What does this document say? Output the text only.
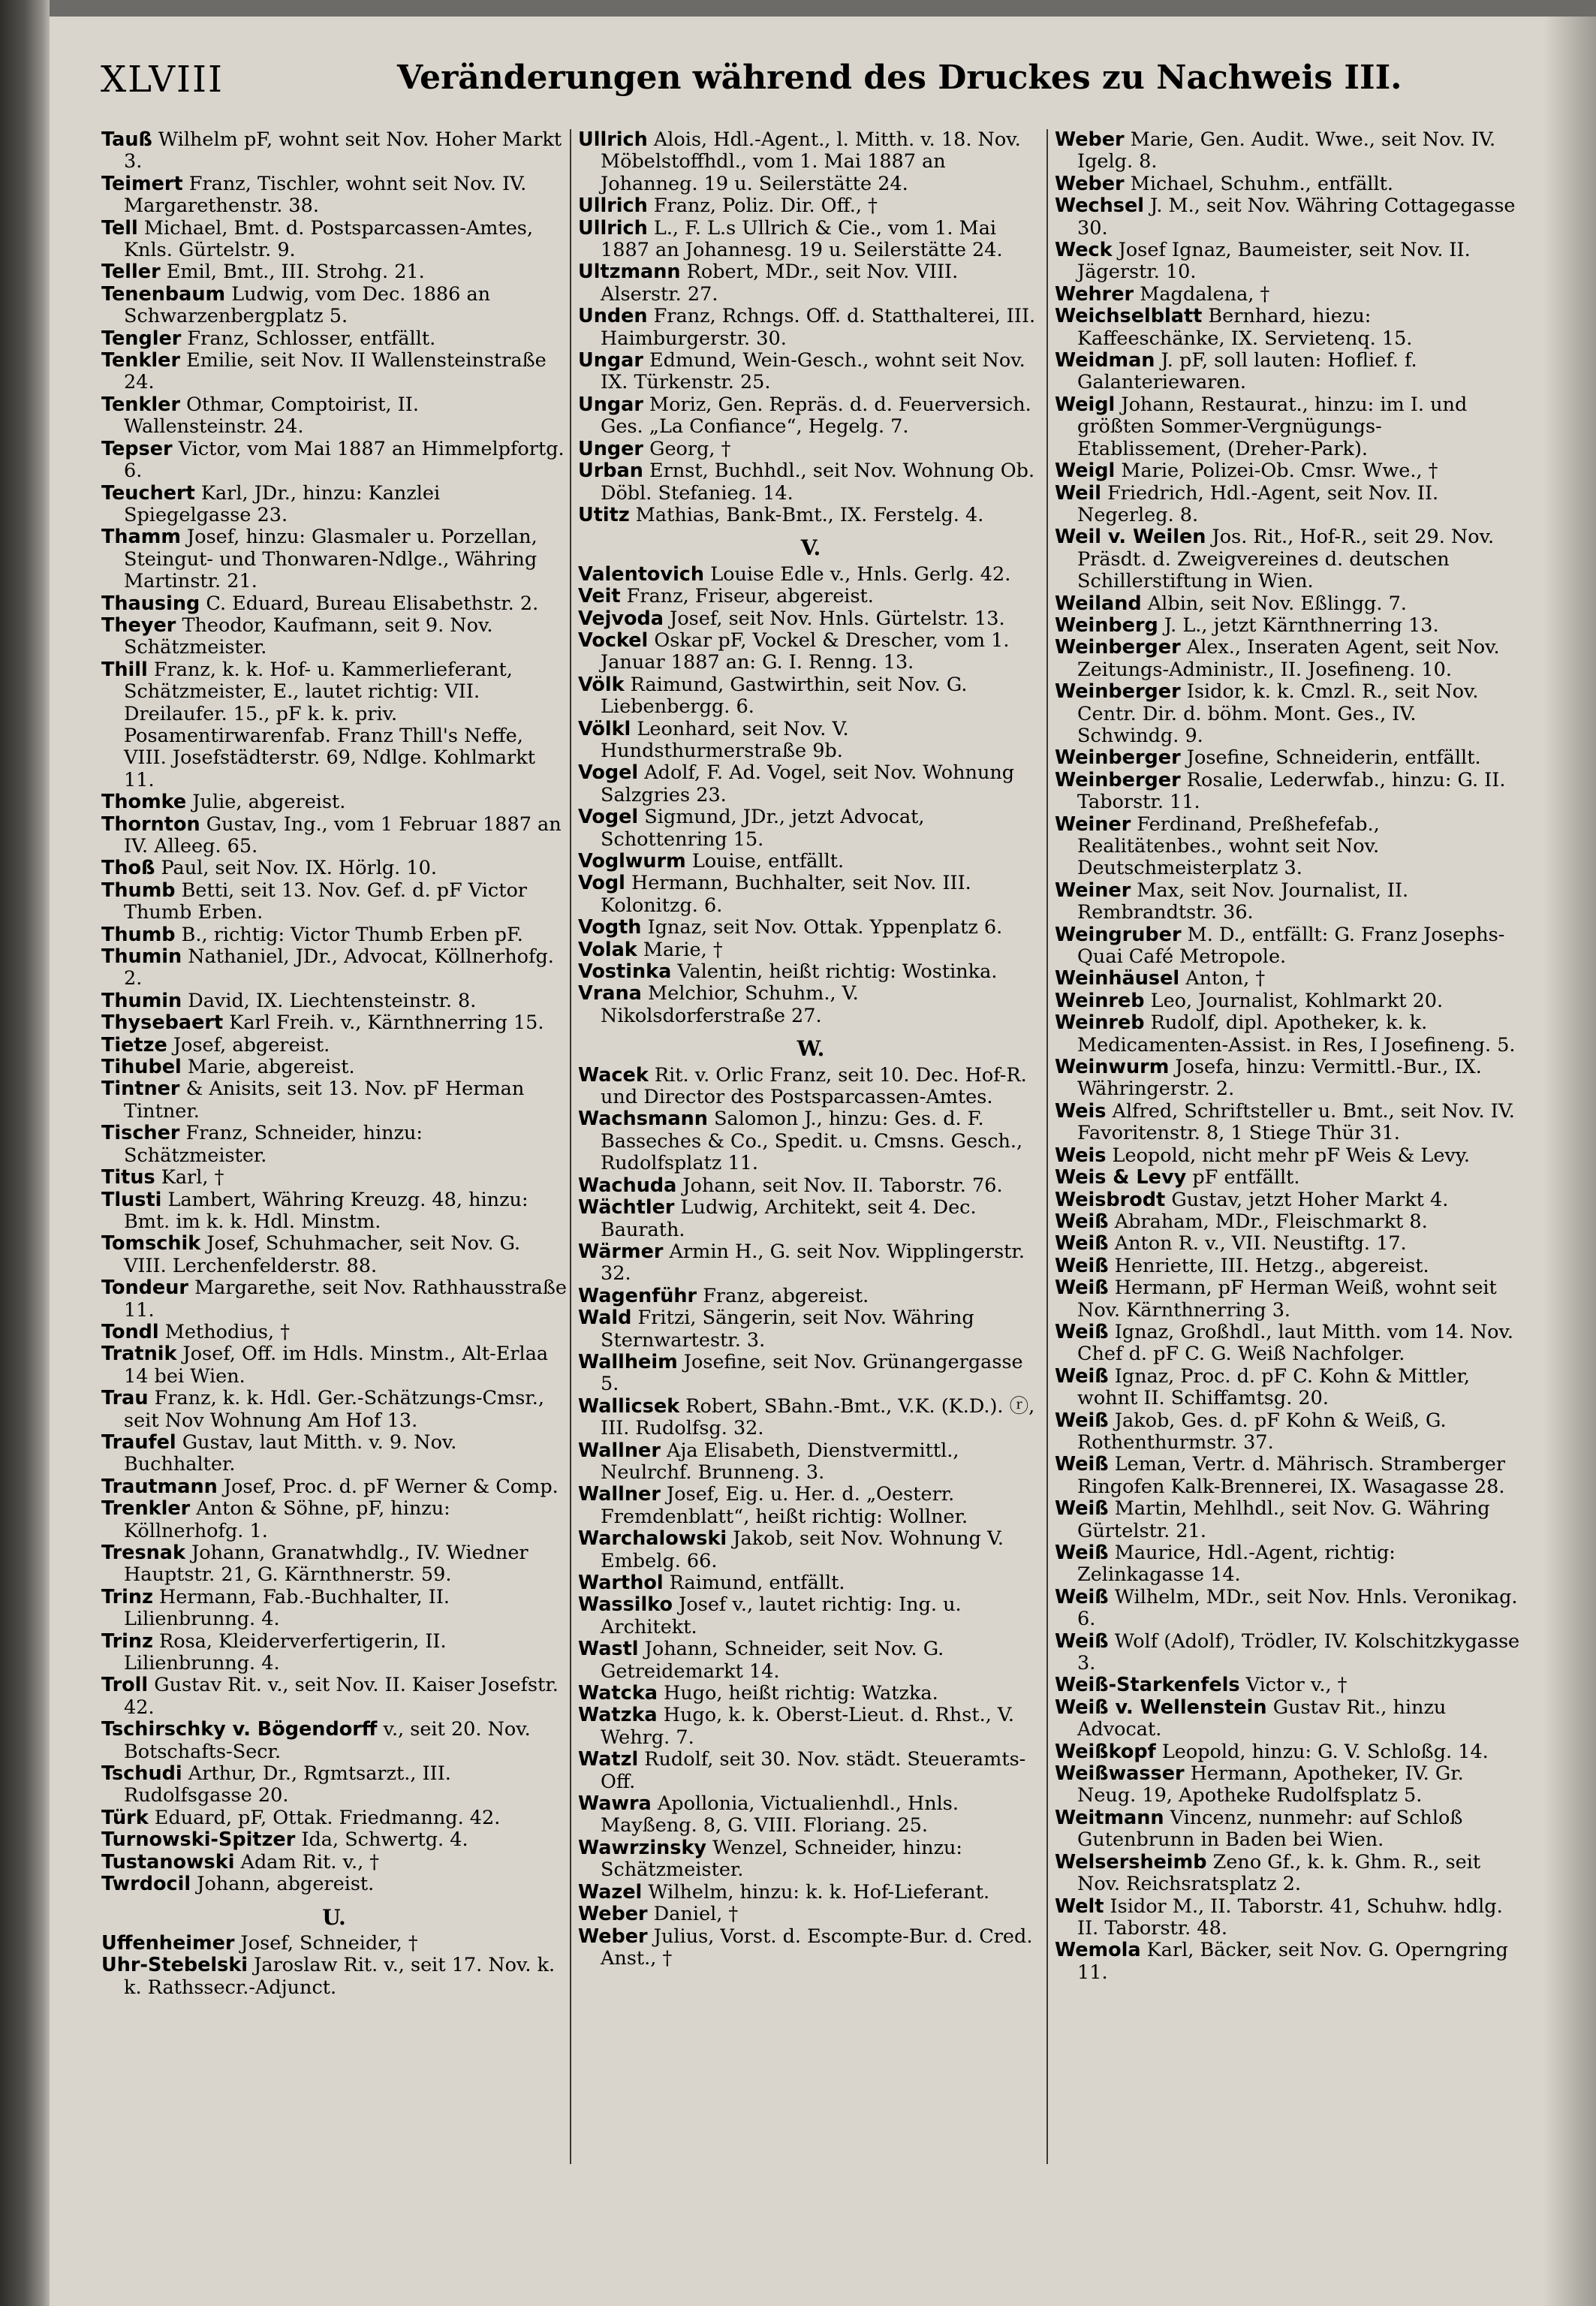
XLVIII	Veränderungen während des Druckes zu Nachweis III.
Tauß Wilhelm pF, wohnt seit Nov. Hoher Markt 3.
Teimert Franz, Tischler, wohnt seit Nov. IV. Margarethenstr. 38.
Tell Michael, Bmt. d. Postsparcassen-Amtes, Knls. Gürtelstr. 9.
Teller Emil, Bmt., III. Strohg. 21.
Tenenbaum Ludwig, vom Dec. 1886 an Schwarzenbergplatz 5.
Tengler Franz, Schlosser, entfällt.
Tenkler Emilie, seit Nov. II Wallensteinstraße 24.
Tenkler Othmar, Comptoirist, II. Wallensteinstr. 24.
Tepser Victor, vom Mai 1887 an Himmelpfortg. 6.
Teuchert Karl, JDr., hinzu: Kanzlei Spiegelgasse 23.
Thamm Josef, hinzu: Glasmaler u. Porzellan, Steingut- und Thonwaren-Ndlge., Währing Martinstr. 21.
Thausing C. Eduard, Bureau Elisabethstr. 2.
Theyer Theodor, Kaufmann, seit 9. Nov. Schätzmeister.
Thill Franz, k. k. Hof- u. Kammerlieferant, Schätzmeister, E., lautet richtig: VII. Dreilaufer. 15., pF k. k. priv. Posamentirwarenfab. Franz Thill's Neffe, VIII. Josefstädterstr. 69, Ndlge. Kohlmarkt 11.
Thomke Julie, abgereist.
Thornton Gustav, Ing., vom 1 Februar 1887 an IV. Alleeg. 65.
Thoß Paul, seit Nov. IX. Hörlg. 10.
Thumb Betti, seit 13. Nov. Gef. d. pF Victor Thumb Erben.
Thumb B., richtig: Victor Thumb Erben pF.
Thumin Nathaniel, JDr., Advocat, Köllnerhofg. 2.
Thumin David, IX. Liechtensteinstr. 8.
Thysebaert Karl Freih. v., Kärnthnerring 15.
Tietze Josef, abgereist.
Tihubel Marie, abgereist.
Tintner & Anisits, seit 13. Nov. pF Herman Tintner.
Tischer Franz, Schneider, hinzu: Schätzmeister.
Titus Karl, †
Tlusti Lambert, Währing Kreuzg. 48, hinzu: Bmt. im k. k. Hdl. Minstm.
Tomschik Josef, Schuhmacher, seit Nov. G. VIII. Lerchenfelderstr. 88.
Tondeur Margarethe, seit Nov. Rathhausstraße 11.
Tondl Methodius, †
Tratnik Josef, Off. im Hdls. Minstm., Alt-Erlaa 14 bei Wien.
Trau Franz, k. k. Hdl. Ger.-Schätzungs-Cmsr., seit Nov Wohnung Am Hof 13.
Traufel Gustav, laut Mitth. v. 9. Nov. Buchhalter.
Trautmann Josef, Proc. d. pF Werner & Comp.
Trenkler Anton & Söhne, pF, hinzu: Köllnerhofg. 1.
Tresnak Johann, Granatwhdlg., IV. Wiedner Hauptstr. 21, G. Kärnthnerstr. 59.
Trinz Hermann, Fab.-Buchhalter, II. Lilienbrunng. 4.
Trinz Rosa, Kleiderverfertigerin, II. Lilienbrunng. 4.
Troll Gustav Rit. v., seit Nov. II. Kaiser Josefstr. 42.
Tschirschky v. Bögendorff v., seit 20. Nov. Botschafts-Secr.
Tschudi Arthur, Dr., Rgmtsarzt., III. Rudolfsgasse 20.
Türk Eduard, pF, Ottak. Friedmanng. 42.
Turnowski-Spitzer Ida, Schwertg. 4.
Tustanowski Adam Rit. v., †
Twrdocil Johann, abgereist.
U.
Uffenheimer Josef, Schneider, †
Uhr-Stebelski Jaroslaw Rit. v., seit 17. Nov. k. k. Rathssecr.-Adjunct.
Ullrich Alois, Hdl.-Agent., l. Mitth. v. 18. Nov. Möbelstoffhdl., vom 1. Mai 1887 an Johanneg. 19 u. Seilerstätte 24.
Ullrich Franz, Poliz. Dir. Off., †
Ullrich L., F. L.s Ullrich & Cie., vom 1. Mai 1887 an Johannesg. 19 u. Seilerstätte 24.
Ultzmann Robert, MDr., seit Nov. VIII. Alserstr. 27.
Unden Franz, Rchngs. Off. d. Statthalterei, III. Haimburgerstr. 30.
Ungar Edmund, Wein-Gesch., wohnt seit Nov. IX. Türkenstr. 25.
Ungar Moriz, Gen. Repräs. d. d. Feuerversich. Ges. „La Confiance“, Hegelg. 7.
Unger Georg, †
Urban Ernst, Buchhdl., seit Nov. Wohnung Ob. Döbl. Stefanieg. 14.
Utitz Mathias, Bank-Bmt., IX. Ferstelg. 4.
V.
Valentovich Louise Edle v., Hnls. Gerlg. 42.
Veit Franz, Friseur, abgereist.
Vejvoda Josef, seit Nov. Hnls. Gürtelstr. 13.
Vockel Oskar pF, Vockel & Drescher, vom 1. Januar 1887 an: G. I. Renng. 13.
Völk Raimund, Gastwirthin, seit Nov. G. Liebenbergg. 6.
Völkl Leonhard, seit Nov. V. Hundsthurmerstraße 9b.
Vogel Adolf, F. Ad. Vogel, seit Nov. Wohnung Salzgries 23.
Vogel Sigmund, JDr., jetzt Advocat, Schottenring 15.
Voglwurm Louise, entfällt.
Vogl Hermann, Buchhalter, seit Nov. III. Kolonitzg. 6.
Vogth Ignaz, seit Nov. Ottak. Yppenplatz 6.
Volak Marie, †
Vostinka Valentin, heißt richtig: Wostinka.
Vrana Melchior, Schuhm., V. Nikolsdorferstraße 27.
W.
Wacek Rit. v. Orlic Franz, seit 10. Dec. Hof-R. und Director des Postsparcassen-Amtes.
Wachsmann Salomon J., hinzu: Ges. d. F. Basseches & Co., Spedit. u. Cmsns. Gesch., Rudolfsplatz 11.
Wachuda Johann, seit Nov. II. Taborstr. 76.
Wächtler Ludwig, Architekt, seit 4. Dec. Baurath.
Wärmer Armin H., G. seit Nov. Wipplingerstr. 32.
Wagenführ Franz, abgereist.
Wald Fritzi, Sängerin, seit Nov. Währing Sternwartestr. 3.
Wallheim Josefine, seit Nov. Grünangergasse 5.
Wallicsek Robert, SBahn.-Bmt., V.K. (K.D.). ⓡ, III. Rudolfsg. 32.
Wallner Aja Elisabeth, Dienstvermittl., Neulrchf. Brunneng. 3.
Wallner Josef, Eig. u. Her. d. „Oesterr. Fremdenblatt“, heißt richtig: Wollner.
Warchalowski Jakob, seit Nov. Wohnung V. Embelg. 66.
Warthol Raimund, entfällt.
Wassilko Josef v., lautet richtig: Ing. u. Architekt.
Wastl Johann, Schneider, seit Nov. G. Getreidemarkt 14.
Watcka Hugo, heißt richtig: Watzka.
Watzka Hugo, k. k. Oberst-Lieut. d. Rhst., V. Wehrg. 7.
Watzl Rudolf, seit 30. Nov. städt. Steueramts-Off.
Wawra Apollonia, Victualienhdl., Hnls. Mayßeng. 8, G. VIII. Floriang. 25.
Wawrzinsky Wenzel, Schneider, hinzu: Schätzmeister.
Wazel Wilhelm, hinzu: k. k. Hof-Lieferant.
Weber Daniel, †
Weber Julius, Vorst. d. Escompte-Bur. d. Cred. Anst., †
Weber Marie, Gen. Audit. Wwe., seit Nov. IV. Igelg. 8.
Weber Michael, Schuhm., entfällt.
Wechsel J. M., seit Nov. Währing Cottagegasse 30.
Weck Josef Ignaz, Baumeister, seit Nov. II. Jägerstr. 10.
Wehrer Magdalena, †
Weichselblatt Bernhard, hiezu: Kaffeeschänke, IX. Servietenq. 15.
Weidman J. pF, soll lauten: Hoflief. f. Galanteriewaren.
Weigl Johann, Restaurat., hinzu: im I. und größten Sommer-Vergnügungs-Etablissement, (Dreher-Park).
Weigl Marie, Polizei-Ob. Cmsr. Wwe., †
Weil Friedrich, Hdl.-Agent, seit Nov. II. Negerleg. 8.
Weil v. Weilen Jos. Rit., Hof-R., seit 29. Nov. Präsdt. d. Zweigvereines d. deutschen Schillerstiftung in Wien.
Weiland Albin, seit Nov. Eßlingg. 7.
Weinberg J. L., jetzt Kärnthnerring 13.
Weinberger Alex., Inseraten Agent, seit Nov. Zeitungs-Administr., II. Josefineng. 10.
Weinberger Isidor, k. k. Cmzl. R., seit Nov. Centr. Dir. d. böhm. Mont. Ges., IV. Schwindg. 9.
Weinberger Josefine, Schneiderin, entfällt.
Weinberger Rosalie, Lederwfab., hinzu: G. II. Taborstr. 11.
Weiner Ferdinand, Preßhefefab., Realitätenbes., wohnt seit Nov. Deutschmeisterplatz 3.
Weiner Max, seit Nov. Journalist, II. Rembrandtstr. 36.
Weingruber M. D., entfällt: G. Franz Josephs-Quai Café Metropole.
Weinhäusel Anton, †
Weinreb Leo, Journalist, Kohlmarkt 20.
Weinreb Rudolf, dipl. Apotheker, k. k. Medicamenten-Assist. in Res, I Josefineng. 5.
Weinwurm Josefa, hinzu: Vermittl.-Bur., IX. Währingerstr. 2.
Weis Alfred, Schriftsteller u. Bmt., seit Nov. IV. Favoritenstr. 8, 1 Stiege Thür 31.
Weis Leopold, nicht mehr pF Weis & Levy.
Weis & Levy pF entfällt.
Weisbrodt Gustav, jetzt Hoher Markt 4.
Weiß Abraham, MDr., Fleischmarkt 8.
Weiß Anton R. v., VII. Neustiftg. 17.
Weiß Henriette, III. Hetzg., abgereist.
Weiß Hermann, pF Herman Weiß, wohnt seit Nov. Kärnthnerring 3.
Weiß Ignaz, Großhdl., laut Mitth. vom 14. Nov. Chef d. pF C. G. Weiß Nachfolger.
Weiß Ignaz, Proc. d. pF C. Kohn & Mittler, wohnt II. Schiffamtsg. 20.
Weiß Jakob, Ges. d. pF Kohn & Weiß, G. Rothenthurmstr. 37.
Weiß Leman, Vertr. d. Mährisch. Stramberger Ringofen Kalk-Brennerei, IX. Wasagasse 28.
Weiß Martin, Mehlhdl., seit Nov. G. Währing Gürtelstr. 21.
Weiß Maurice, Hdl.-Agent, richtig: Zelinkagasse 14.
Weiß Wilhelm, MDr., seit Nov. Hnls. Veronikag. 6.
Weiß Wolf (Adolf), Trödler, IV. Kolschitzkygasse 3.
Weiß-Starkenfels Victor v., †
Weiß v. Wellenstein Gustav Rit., hinzu Advocat.
Weißkopf Leopold, hinzu: G. V. Schloßg. 14.
Weißwasser Hermann, Apotheker, IV. Gr. Neug. 19, Apotheke Rudolfsplatz 5.
Weitmann Vincenz, nunmehr: auf Schloß Gutenbrunn in Baden bei Wien.
Welsersheimb Zeno Gf., k. k. Ghm. R., seit Nov. Reichsratsplatz 2.
Welt Isidor M., II. Taborstr. 41, Schuhw. hdlg. II. Taborstr. 48.
Wemola Karl, Bäcker, seit Nov. G. Operngring 11.
